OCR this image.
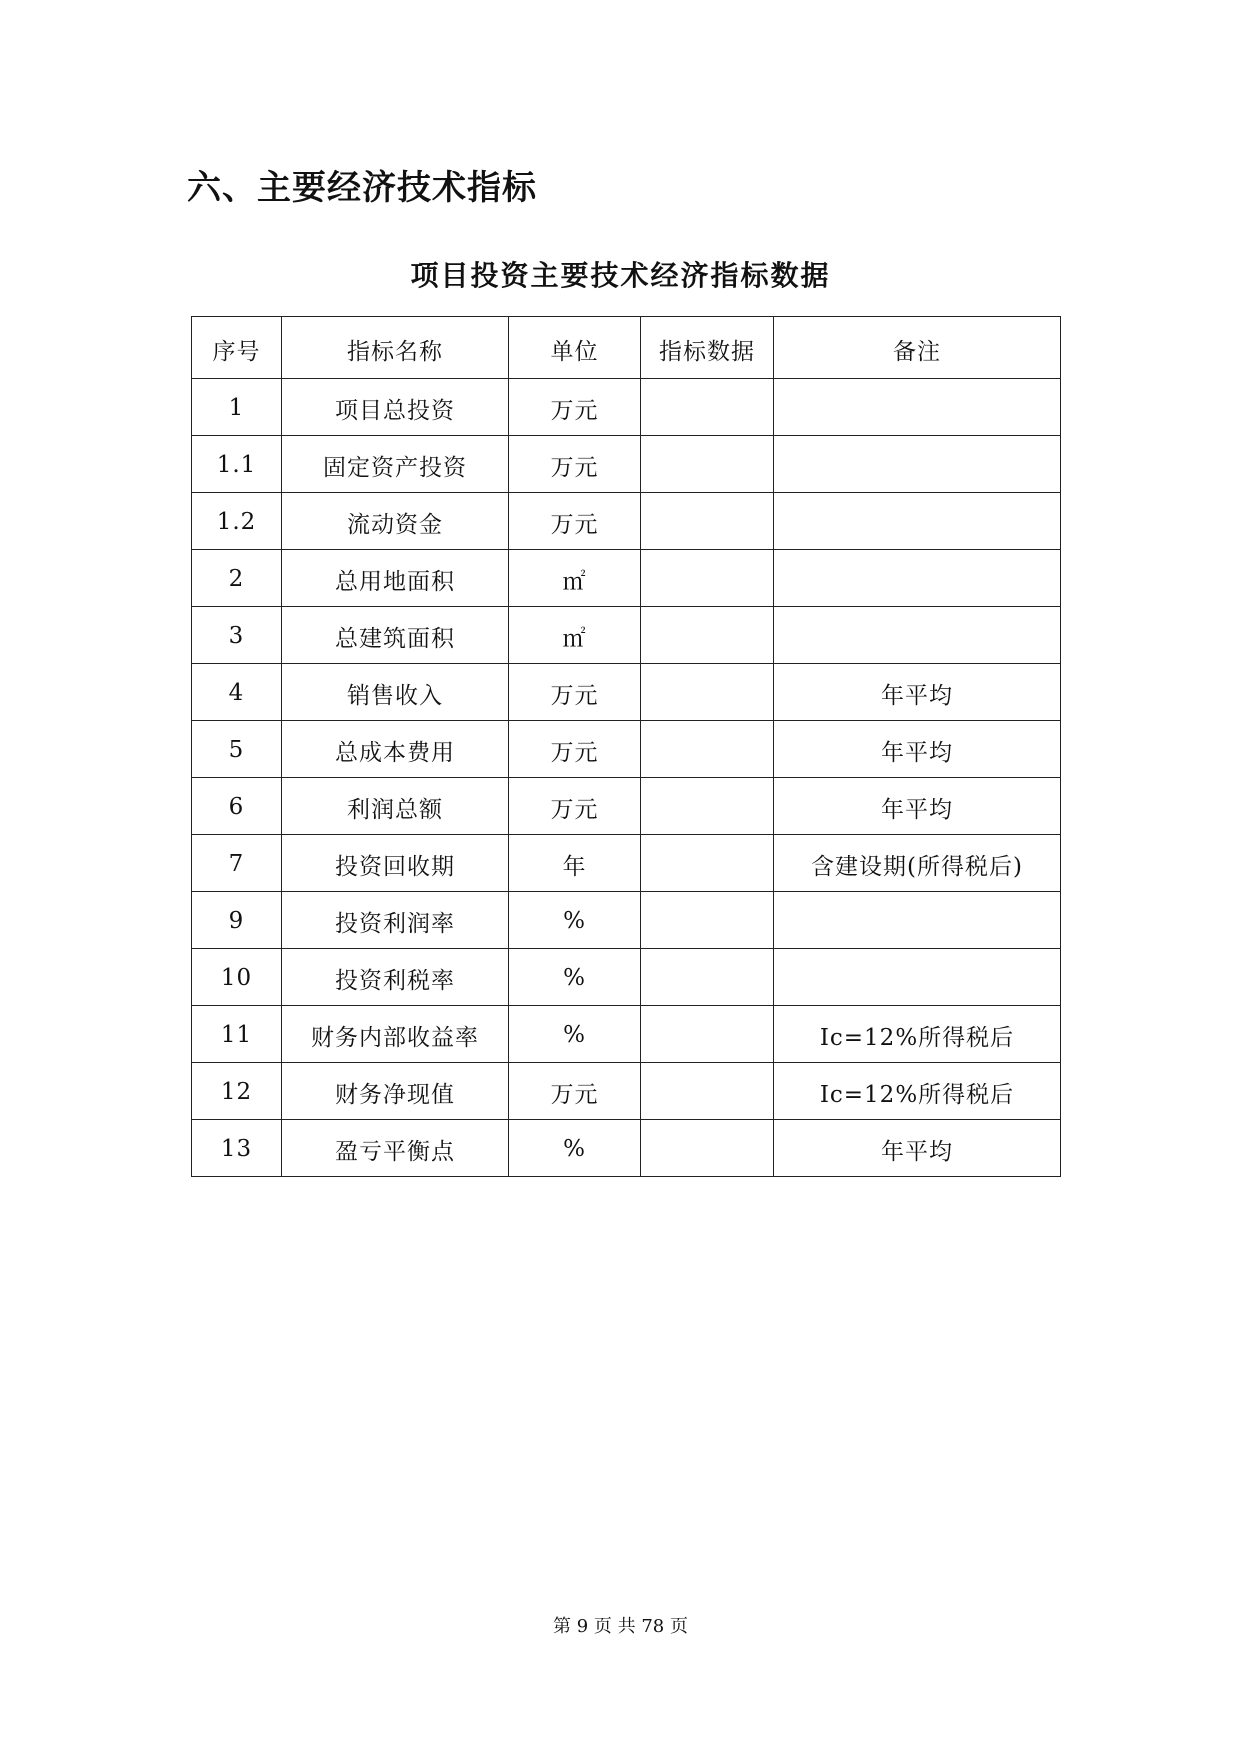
六、主要经济技术指标
项目投资主要技术经济指标数据
序号	指标名称	单位	指标数据	备注
1	项目总投资	万元		
1.1	固定资产投资	万元		
1.2	流动资金	万元		
2	总用地面积	㎡		
3	总建筑面积	㎡		
4	销售收入	万元		年平均
5	总成本费用	万元		年平均
6	利润总额	万元		年平均
7	投资回收期	年		含建设期(所得税后)
9	投资利润率	%		
10	投资利税率	%		
11	财务内部收益率	%		Ic=12%所得税后
12	财务净现值	万元		Ic=12%所得税后
13	盈亏平衡点	%		年平均

第 9 页 共 78 页
